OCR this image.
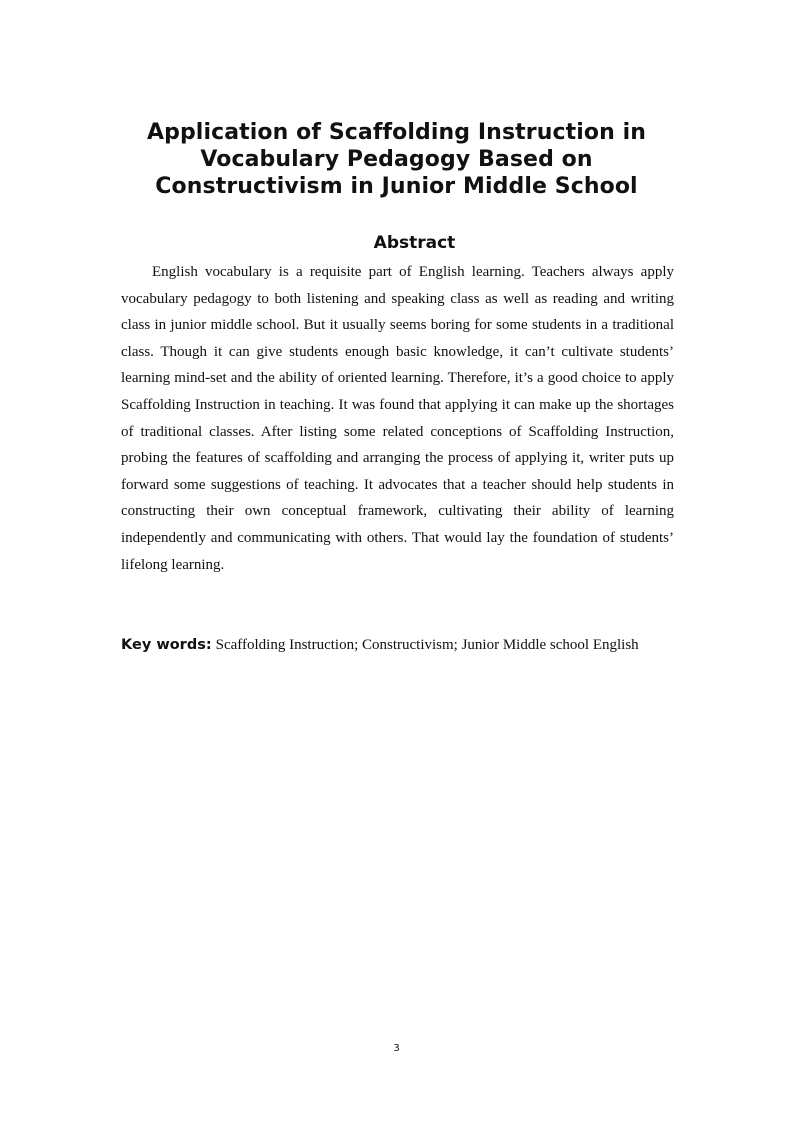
Application of Scaffolding Instruction in Vocabulary Pedagogy Based on Constructivism in Junior Middle School
Abstract

English vocabulary is a requisite part of English learning. Teachers always apply vocabulary pedagogy to both listening and speaking class as well as reading and writing class in junior middle school. But it usually seems boring for some students in a traditional class. Though it can give students enough basic knowledge, it can’t cultivate students’ learning mind-set and the ability of oriented learning. Therefore, it’s a good choice to apply Scaffolding Instruction in teaching. It was found that applying it can make up the shortages of traditional classes. After listing some related conceptions of Scaffolding Instruction, probing the features of scaffolding and arranging the process of applying it, writer puts up forward some suggestions of teaching. It advocates that a teacher should help students in constructing their own conceptual framework, cultivating their ability of learning independently and communicating with others. That would lay the foundation of students’ lifelong learning.

Key words: Scaffolding Instruction; Constructivism; Junior Middle school English

3
